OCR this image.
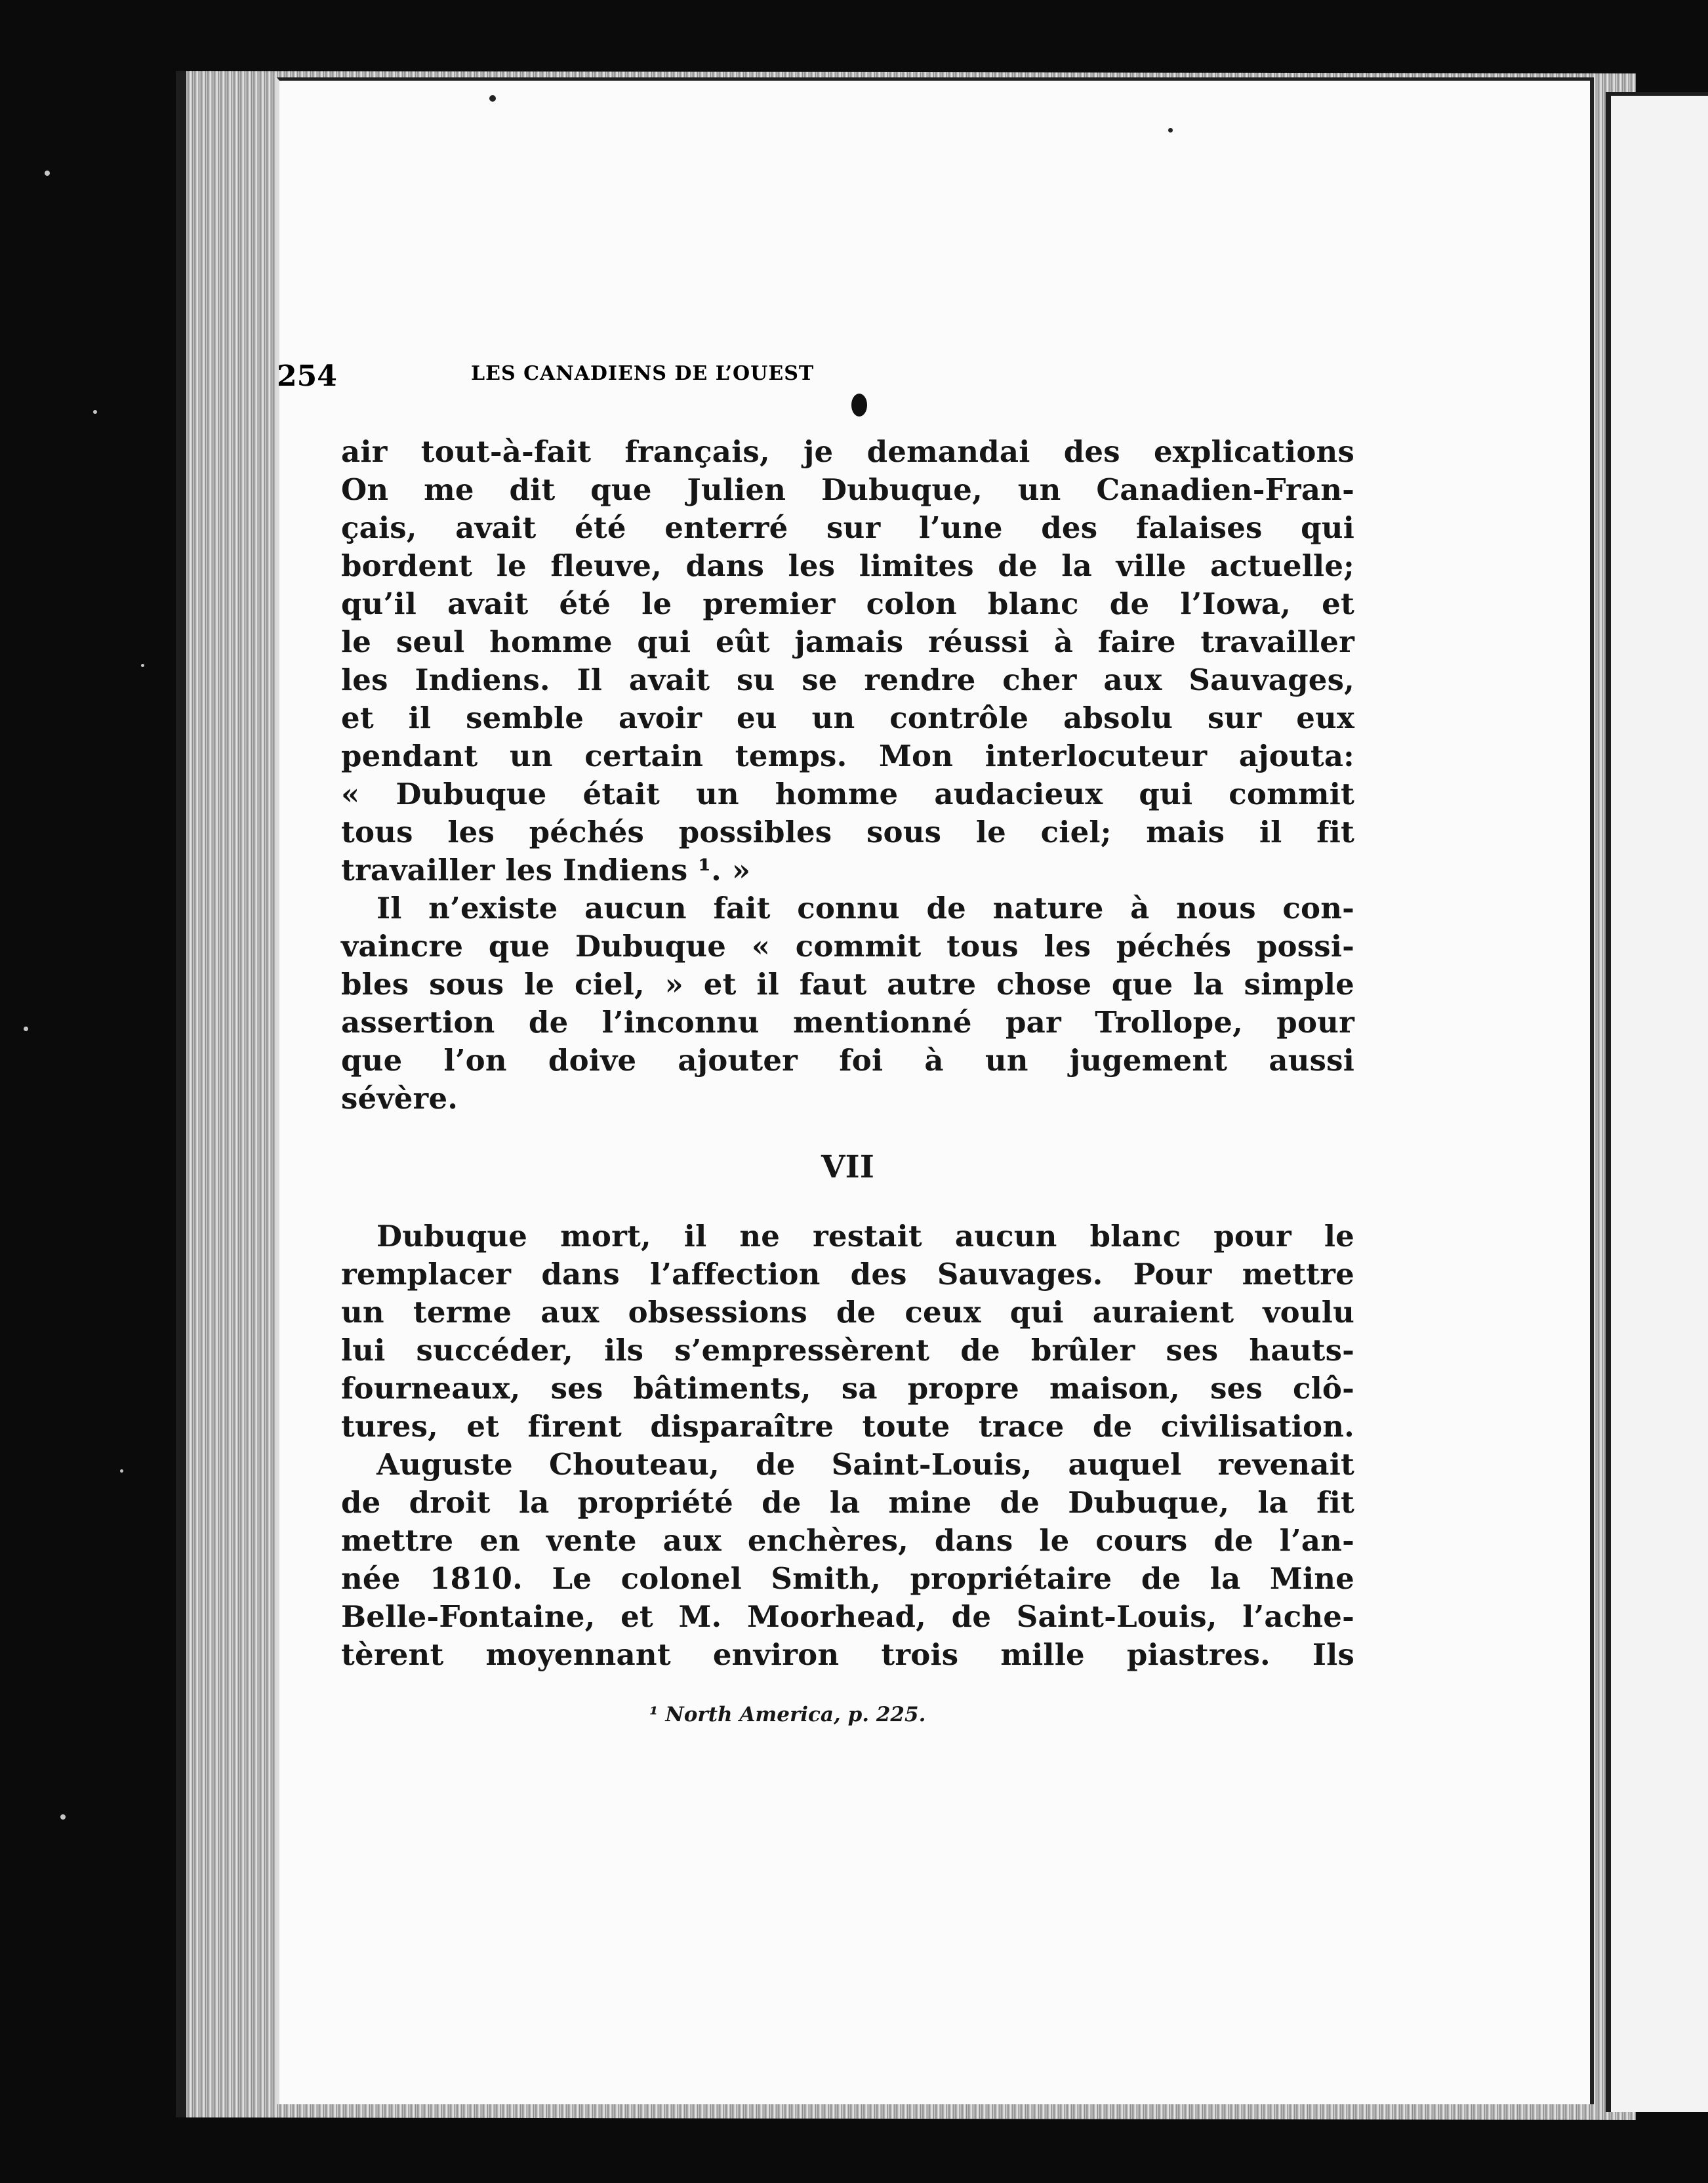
254	LES CANADIENS DE L’OUEST
air tout-à-fait français, je demandai des explications
On me dit que Julien Dubuque, un Canadien-Fran-
çais, avait été enterré sur l’une des falaises qui
bordent le fleuve, dans les limites de la ville actuelle;
qu’il avait été le premier colon blanc de l’Iowa, et
le seul homme qui eût jamais réussi à faire travailler
les Indiens. Il avait su se rendre cher aux Sauvages,
et il semble avoir eu un contrôle absolu sur eux
pendant un certain temps. Mon interlocuteur ajouta:
« Dubuque était un homme audacieux qui commit
tous les péchés possibles sous le ciel; mais il fit
travailler les Indiens ¹. »
Il n’existe aucun fait connu de nature à nous con-
vaincre que Dubuque « commit tous les péchés possi-
bles sous le ciel, » et il faut autre chose que la simple
assertion de l’inconnu mentionné par Trollope, pour
que l’on doive ajouter foi à un jugement aussi
sévère.
VII
Dubuque mort, il ne restait aucun blanc pour le
remplacer dans l’affection des Sauvages. Pour mettre
un terme aux obsessions de ceux qui auraient voulu
lui succéder, ils s’empressèrent de brûler ses hauts-
fourneaux, ses bâtiments, sa propre maison, ses clô-
tures, et firent disparaître toute trace de civilisation.
Auguste Chouteau, de Saint-Louis, auquel revenait
de droit la propriété de la mine de Dubuque, la fit
mettre en vente aux enchères, dans le cours de l’an-
née 1810. Le colonel Smith, propriétaire de la Mine
Belle-Fontaine, et M. Moorhead, de Saint-Louis, l’ache-
tèrent moyennant environ trois mille piastres. Ils
¹ North America, p. 225.
